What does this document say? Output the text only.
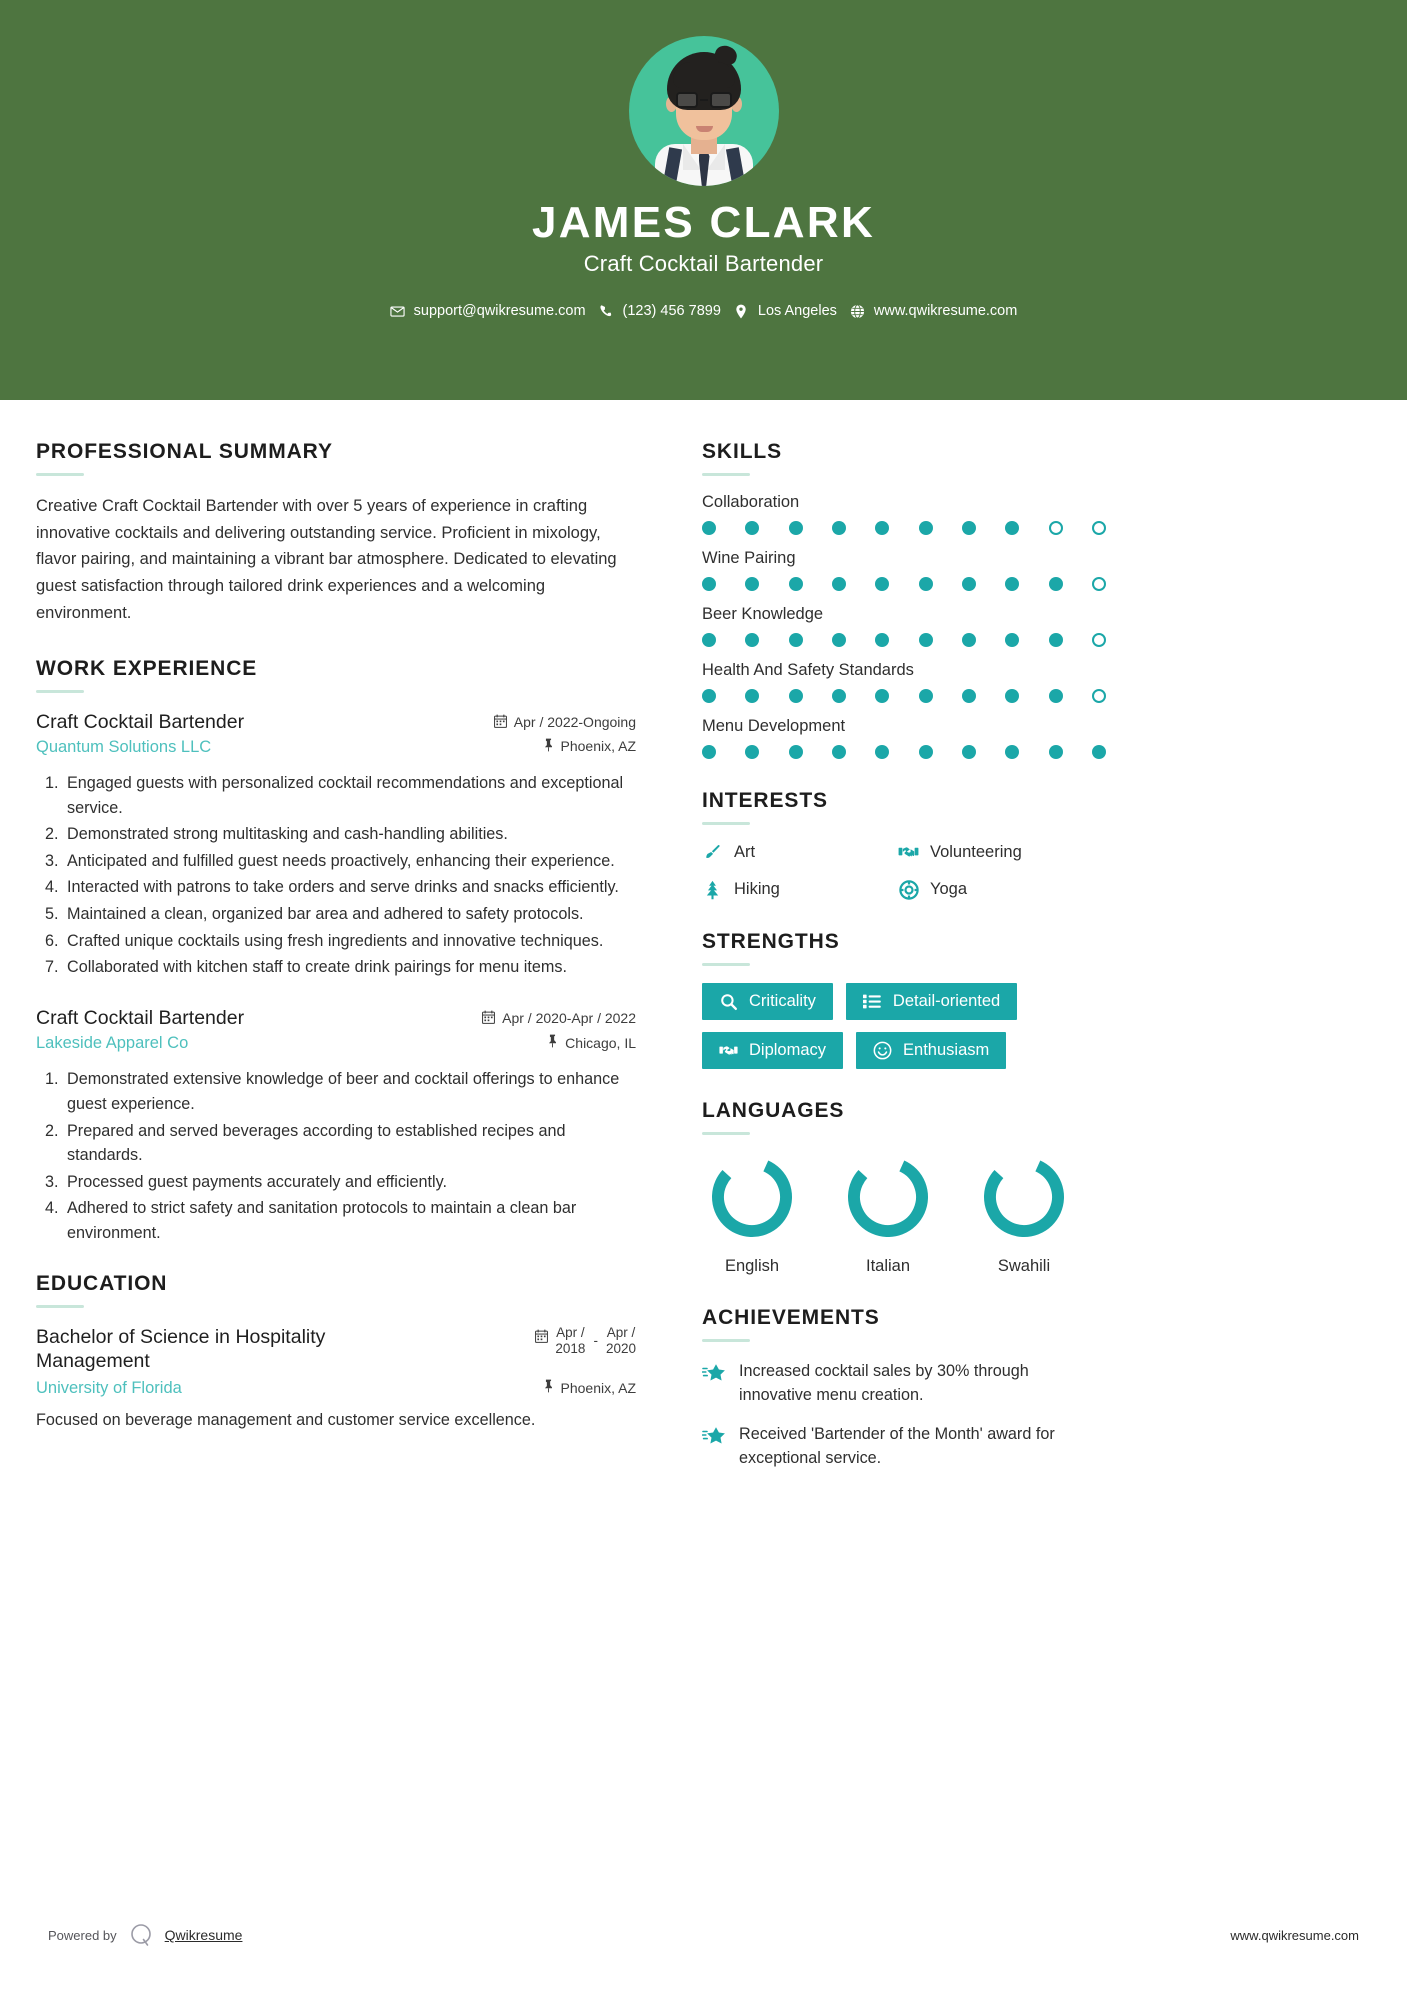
JAMES CLARK
Craft Cocktail Bartender
support@qwikresume.com	(123) 456 7899	Los Angeles	www.qwikresume.com
PROFESSIONAL SUMMARY
Creative Craft Cocktail Bartender with over 5 years of experience in crafting innovative cocktails and delivering outstanding service. Proficient in mixology, flavor pairing, and maintaining a vibrant bar atmosphere. Dedicated to elevating guest satisfaction through tailored drink experiences and a welcoming environment.
WORK EXPERIENCE
Craft Cocktail Bartender	Apr / 2022-Ongoing
Quantum Solutions LLC	Phoenix, AZ
1. Engaged guests with personalized cocktail recommendations and exceptional service.
2. Demonstrated strong multitasking and cash-handling abilities.
3. Anticipated and fulfilled guest needs proactively, enhancing their experience.
4. Interacted with patrons to take orders and serve drinks and snacks efficiently.
5. Maintained a clean, organized bar area and adhered to safety protocols.
6. Crafted unique cocktails using fresh ingredients and innovative techniques.
7. Collaborated with kitchen staff to create drink pairings for menu items.
Craft Cocktail Bartender	Apr / 2020-Apr / 2022
Lakeside Apparel Co	Chicago, IL
1. Demonstrated extensive knowledge of beer and cocktail offerings to enhance guest experience.
2. Prepared and served beverages according to established recipes and standards.
3. Processed guest payments accurately and efficiently.
4. Adhered to strict safety and sanitation protocols to maintain a clean bar environment.
EDUCATION
Bachelor of Science in Hospitality Management
Apr /
2018
-
Apr /
2020
University of Florida	Phoenix, AZ
Focused on beverage management and customer service excellence.
SKILLS
Collaboration
Wine Pairing
Beer Knowledge
Health And Safety Standards
Menu Development
INTERESTS
Art	Volunteering
Hiking	Yoga
STRENGTHS
Criticality	Detail-oriented
Diplomacy	Enthusiasm
LANGUAGES
English	Italian	Swahili
ACHIEVEMENTS
Increased cocktail sales by 30% through innovative menu creation.
Received 'Bartender of the Month' award for exceptional service.
Powered by	Qwikresume	www.qwikresume.com
